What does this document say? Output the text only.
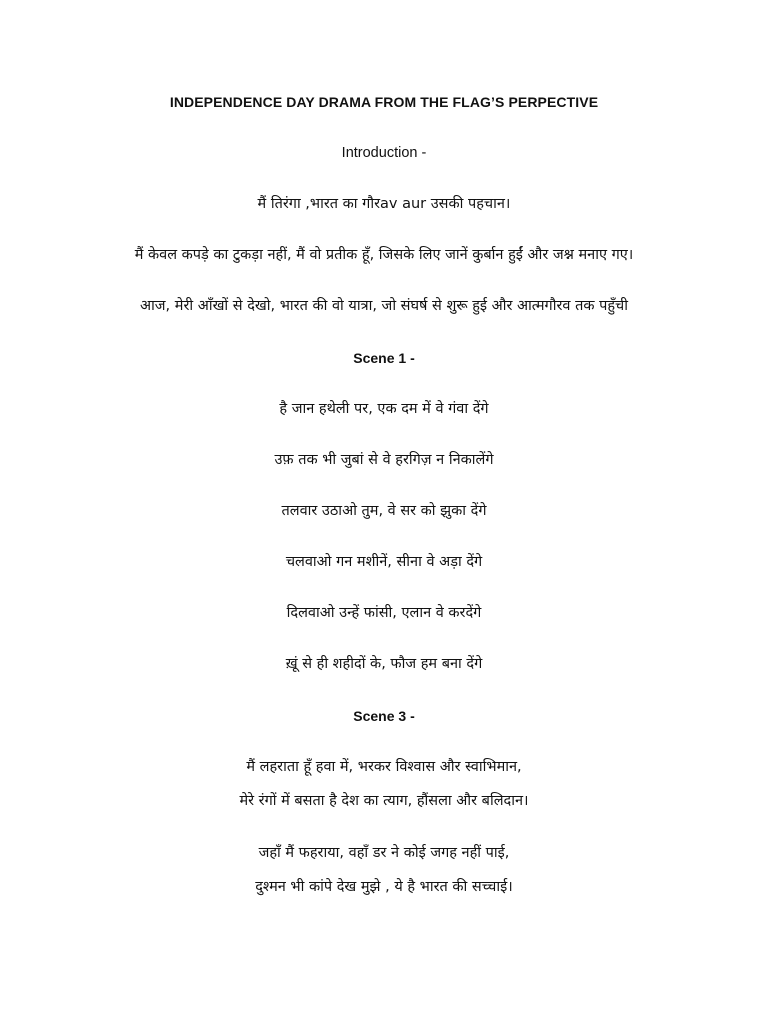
INDEPENDENCE DAY DRAMA FROM THE FLAG’S PERPECTIVE
Introduction -
मैं तिरंगा ,भारत का गौरav aur उसकी पहचान।
मैं केवल कपड़े का टुकड़ा नहीं, मैं वो प्रतीक हूँ, जिसके लिए जानें कुर्बान हुईं और जश्न मनाए गए।
आज, मेरी आँखों से देखो, भारत की वो यात्रा, जो संघर्ष से शुरू हुई और आत्मगौरव तक पहुँची
Scene 1 -
है जान हथेली पर, एक दम में वे गंवा देंगे
उफ़ तक भी जुबां से वे हरगिज़ न निकालेंगे
तलवार उठाओ तुम, वे सर को झुका देंगे
चलवाओ गन मशीनें, सीना वे अड़ा देंगे
दिलवाओ उन्हें फांसी, एलान वे करदेंगे
ख़ूं से ही शहीदों के, फौज हम बना देंगे
Scene 3 -
मैं लहराता हूँ हवा में, भरकर विश्वास और स्वाभिमान,
मेरे रंगों में बसता है देश का त्याग, हौंसला और बलिदान।
जहाँ मैं फहराया, वहाँ डर ने कोई जगह नहीं पाई,
दुश्मन भी कांपे देख मुझे , ये है भारत की सच्चाई।
